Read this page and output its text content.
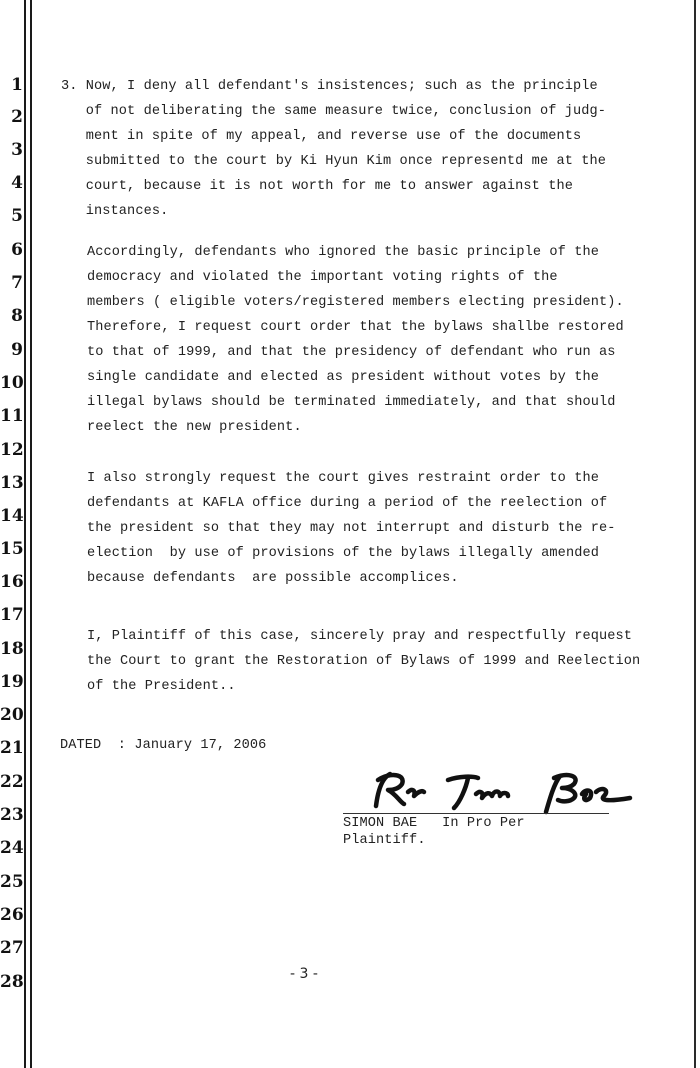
1
2
3
4
5
6
7
8
9
10
11
12
13
14
15
16
17
18
19
20
21
22
23
24
25
26
27
28
3. Now, I deny all defendant's insistences; such as the principle
of not deliberating the same measure twice, conclusion of judg-
ment in spite of my appeal, and reverse use of the documents
submitted to the court by Ki Hyun Kim once representd me at the
court, because it is not worth for me to answer against the
instances.
Accordingly, defendants who ignored the basic principle of the
democracy and violated the important voting rights of the
members ( eligible voters/registered members electing president).
Therefore, I request court order that the bylaws shallbe restored
to that of 1999, and that the presidency of defendant who run as
single candidate and elected as president without votes by the
illegal bylaws should be terminated immediately, and that should
reelect the new president.
I also strongly request the court gives restraint order to the
defendants at KAFLA office during a period of the reelection of
the president so that they may not interrupt and disturb the re-
election  by use of provisions of the bylaws illegally amended
because defendants  are possible accomplices.
I, Plaintiff of this case, sincerely pray and respectfully request
the Court to grant the Restoration of Bylaws of 1999 and Reelection
of the President..
DATED  : January 17, 2006
SIMON BAE   In Pro Per
Plaintiff.
- 3 -
